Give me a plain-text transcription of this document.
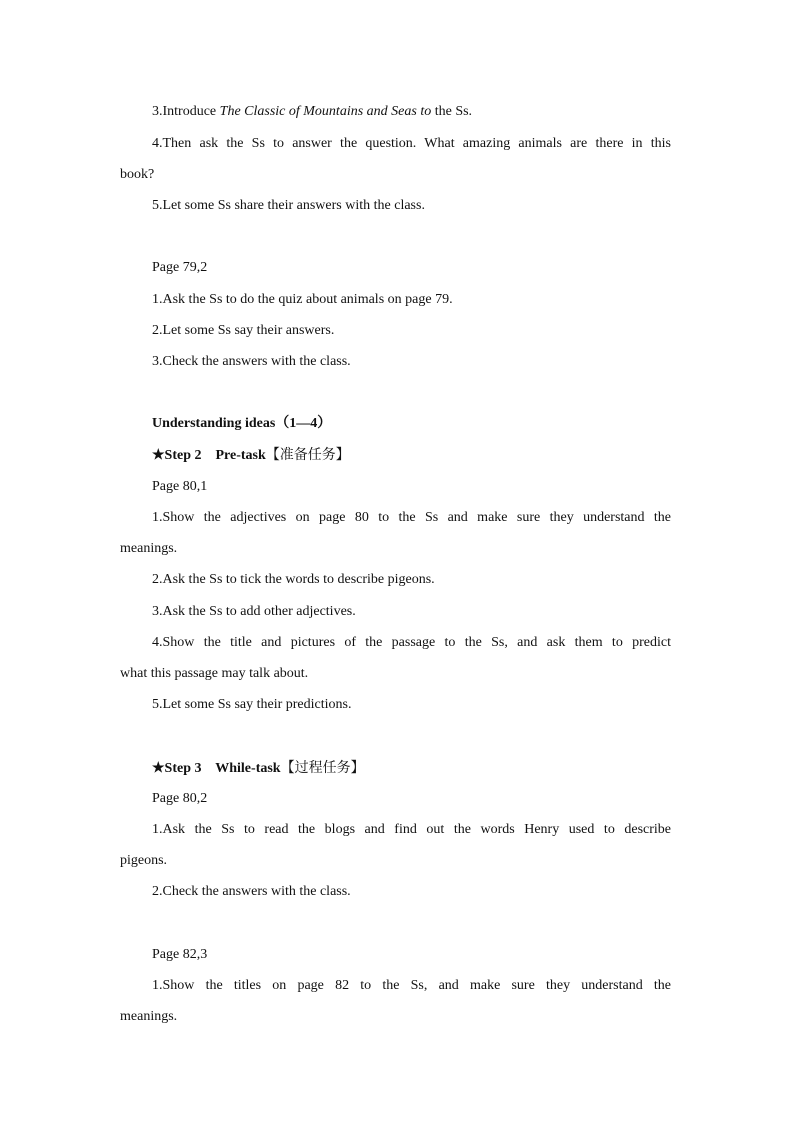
3.Introduce The Classic of Mountains and Seas to the Ss.
4.Then ask the Ss to answer the question. What amazing animals are there in this
book?
5.Let some Ss share their answers with the class.
Page 79,2
1.Ask the Ss to do the quiz about animals on page 79.
2.Let some Ss say their answers.
3.Check the answers with the class.
Understanding ideas（1—4）
★Step 2    Pre-task【准备任务】
Page 80,1
1.Show the adjectives on page 80 to the Ss and make sure they understand the
meanings.
2.Ask the Ss to tick the words to describe pigeons.
3.Ask the Ss to add other adjectives.
4.Show the title and pictures of the passage to the Ss, and ask them to predict
what this passage may talk about.
5.Let some Ss say their predictions.
★Step 3    While-task【过程任务】
Page 80,2
1.Ask the Ss to read the blogs and find out the words Henry used to describe
pigeons.
2.Check the answers with the class.
Page 82,3
1.Show the titles on page 82 to the Ss, and make sure they understand the
meanings.
